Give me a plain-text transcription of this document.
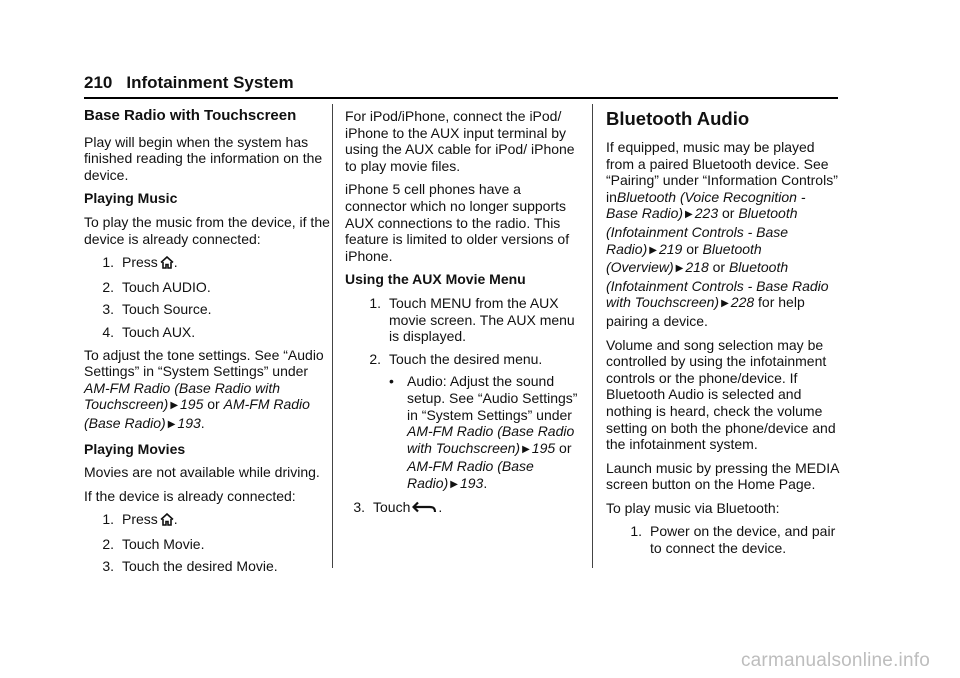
210 Infotainment System
Base Radio with Touchscreen

Play will begin when the system has finished reading the information on the device.

Playing Music

To play the music from the device, if the device is already connected:

1. Press .
2. Touch AUDIO.
3. Touch Source.
4. Touch AUX.

To adjust the tone settings. See “Audio Settings” in “System Settings” under AM-FM Radio (Base Radio with Touchscreen) ▶ 195 or AM-FM Radio (Base Radio) ▶ 193.

Playing Movies

Movies are not available while driving.

If the device is already connected:

1. Press .
2. Touch Movie.
3. Touch the desired Movie.

For iPod/iPhone, connect the iPod/ iPhone to the AUX input terminal by using the AUX cable for iPod/ iPhone to play movie files.

iPhone 5 cell phones have a connector which no longer supports AUX connections to the radio. This feature is limited to older versions of iPhone.

Using the AUX Movie Menu
1. Touch MENU from the AUX movie screen. The AUX menu is displayed.
2. Touch the desired menu.
• Audio: Adjust the sound setup. See “Audio Settings” in “System Settings” under AM-FM Radio (Base Radio with Touchscreen) ▶ 195 or AM-FM Radio (Base Radio) ▶ 193.
3. Touch .
Bluetooth Audio

If equipped, music may be played from a paired Bluetooth device. See “Pairing” under “Information Controls” inBluetooth (Voice Recognition - Base Radio) ▶ 223 or Bluetooth (Infotainment Controls - Base Radio) ▶ 219 or Bluetooth (Overview) ▶ 218 or Bluetooth (Infotainment Controls - Base Radio with Touchscreen) ▶ 228 for help pairing a device.

Volume and song selection may be controlled by using the infotainment controls or the phone/device. If Bluetooth Audio is selected and nothing is heard, check the volume setting on both the phone/device and the infotainment system.

Launch music by pressing the MEDIA screen button on the Home Page.

To play music via Bluetooth:

1. Power on the device, and pair to connect the device.
carmanualsonline.info
